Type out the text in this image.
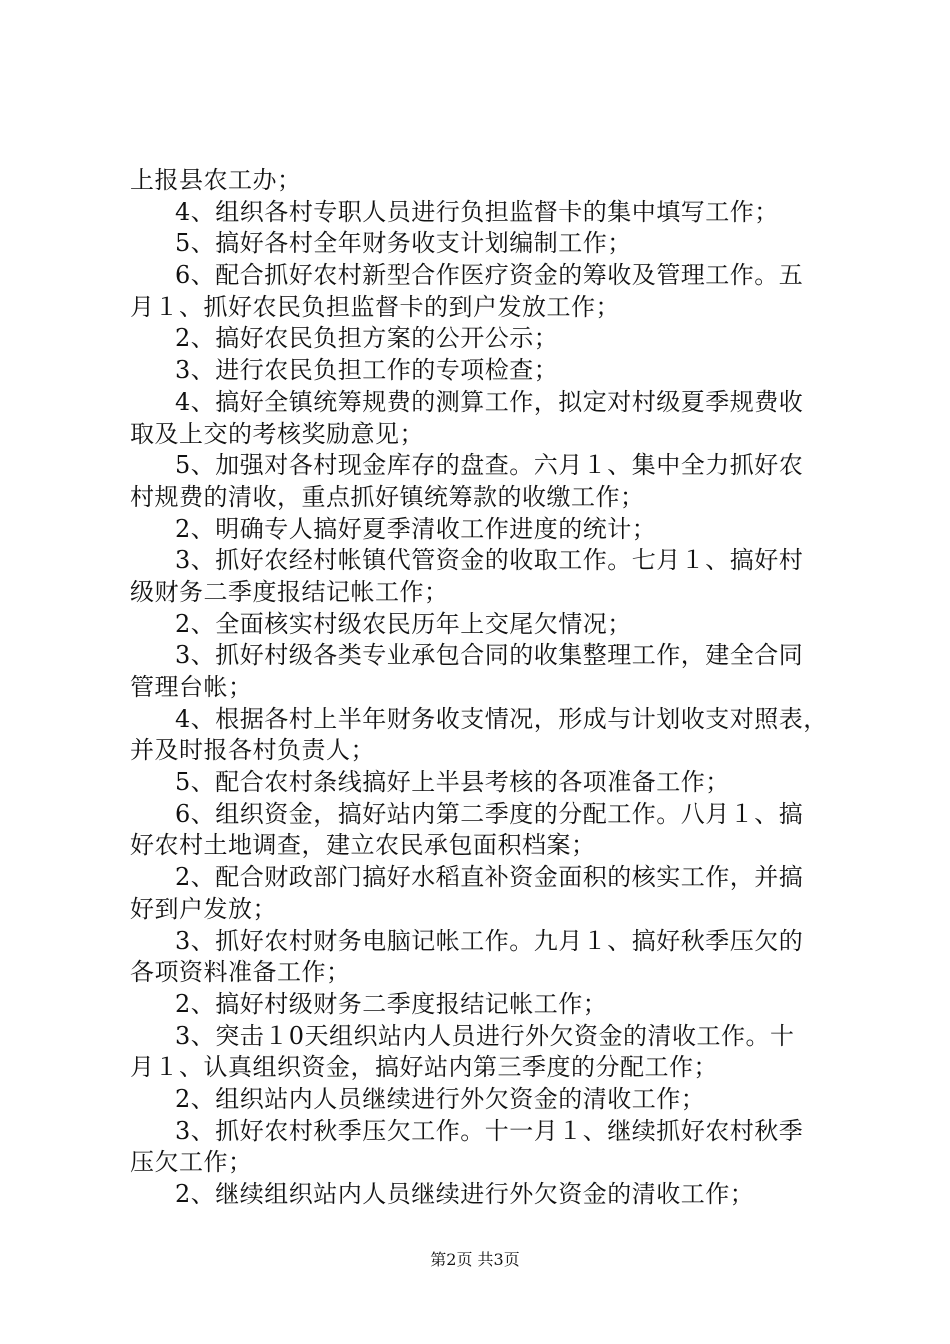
上报县农工办；
4、组织各村专职人员进行负担监督卡的集中填写工作；
5、搞好各村全年财务收支计划编制工作；
6、配合抓好农村新型合作医疗资金的筹收及管理工作。五
月１、抓好农民负担监督卡的到户发放工作；
2、搞好农民负担方案的公开公示；
3、进行农民负担工作的专项检查；
4、搞好全镇统筹规费的测算工作，拟定对村级夏季规费收
取及上交的考核奖励意见；
5、加强对各村现金库存的盘查。六月１、集中全力抓好农
村规费的清收，重点抓好镇统筹款的收缴工作；
2、明确专人搞好夏季清收工作进度的统计；
3、抓好农经村帐镇代管资金的收取工作。七月１、搞好村
级财务二季度报结记帐工作；
2、全面核实村级农民历年上交尾欠情况；
3、抓好村级各类专业承包合同的收集整理工作，建全合同
管理台帐；
4、根据各村上半年财务收支情况，形成与计划收支对照表，
并及时报各村负责人；
5、配合农村条线搞好上半县考核的各项准备工作；
6、组织资金，搞好站内第二季度的分配工作。八月１、搞
好农村土地调查，建立农民承包面积档案；
2、配合财政部门搞好水稻直补资金面积的核实工作，并搞
好到户发放；
3、抓好农村财务电脑记帐工作。九月１、搞好秋季压欠的
各项资料准备工作；
2、搞好村级财务二季度报结记帐工作；
3、突击１0天组织站内人员进行外欠资金的清收工作。十
月１、认真组织资金，搞好站内第三季度的分配工作；
2、组织站内人员继续进行外欠资金的清收工作；
3、抓好农村秋季压欠工作。十一月１、继续抓好农村秋季
压欠工作；
2、继续组织站内人员继续进行外欠资金的清收工作；
第2页 共3页
